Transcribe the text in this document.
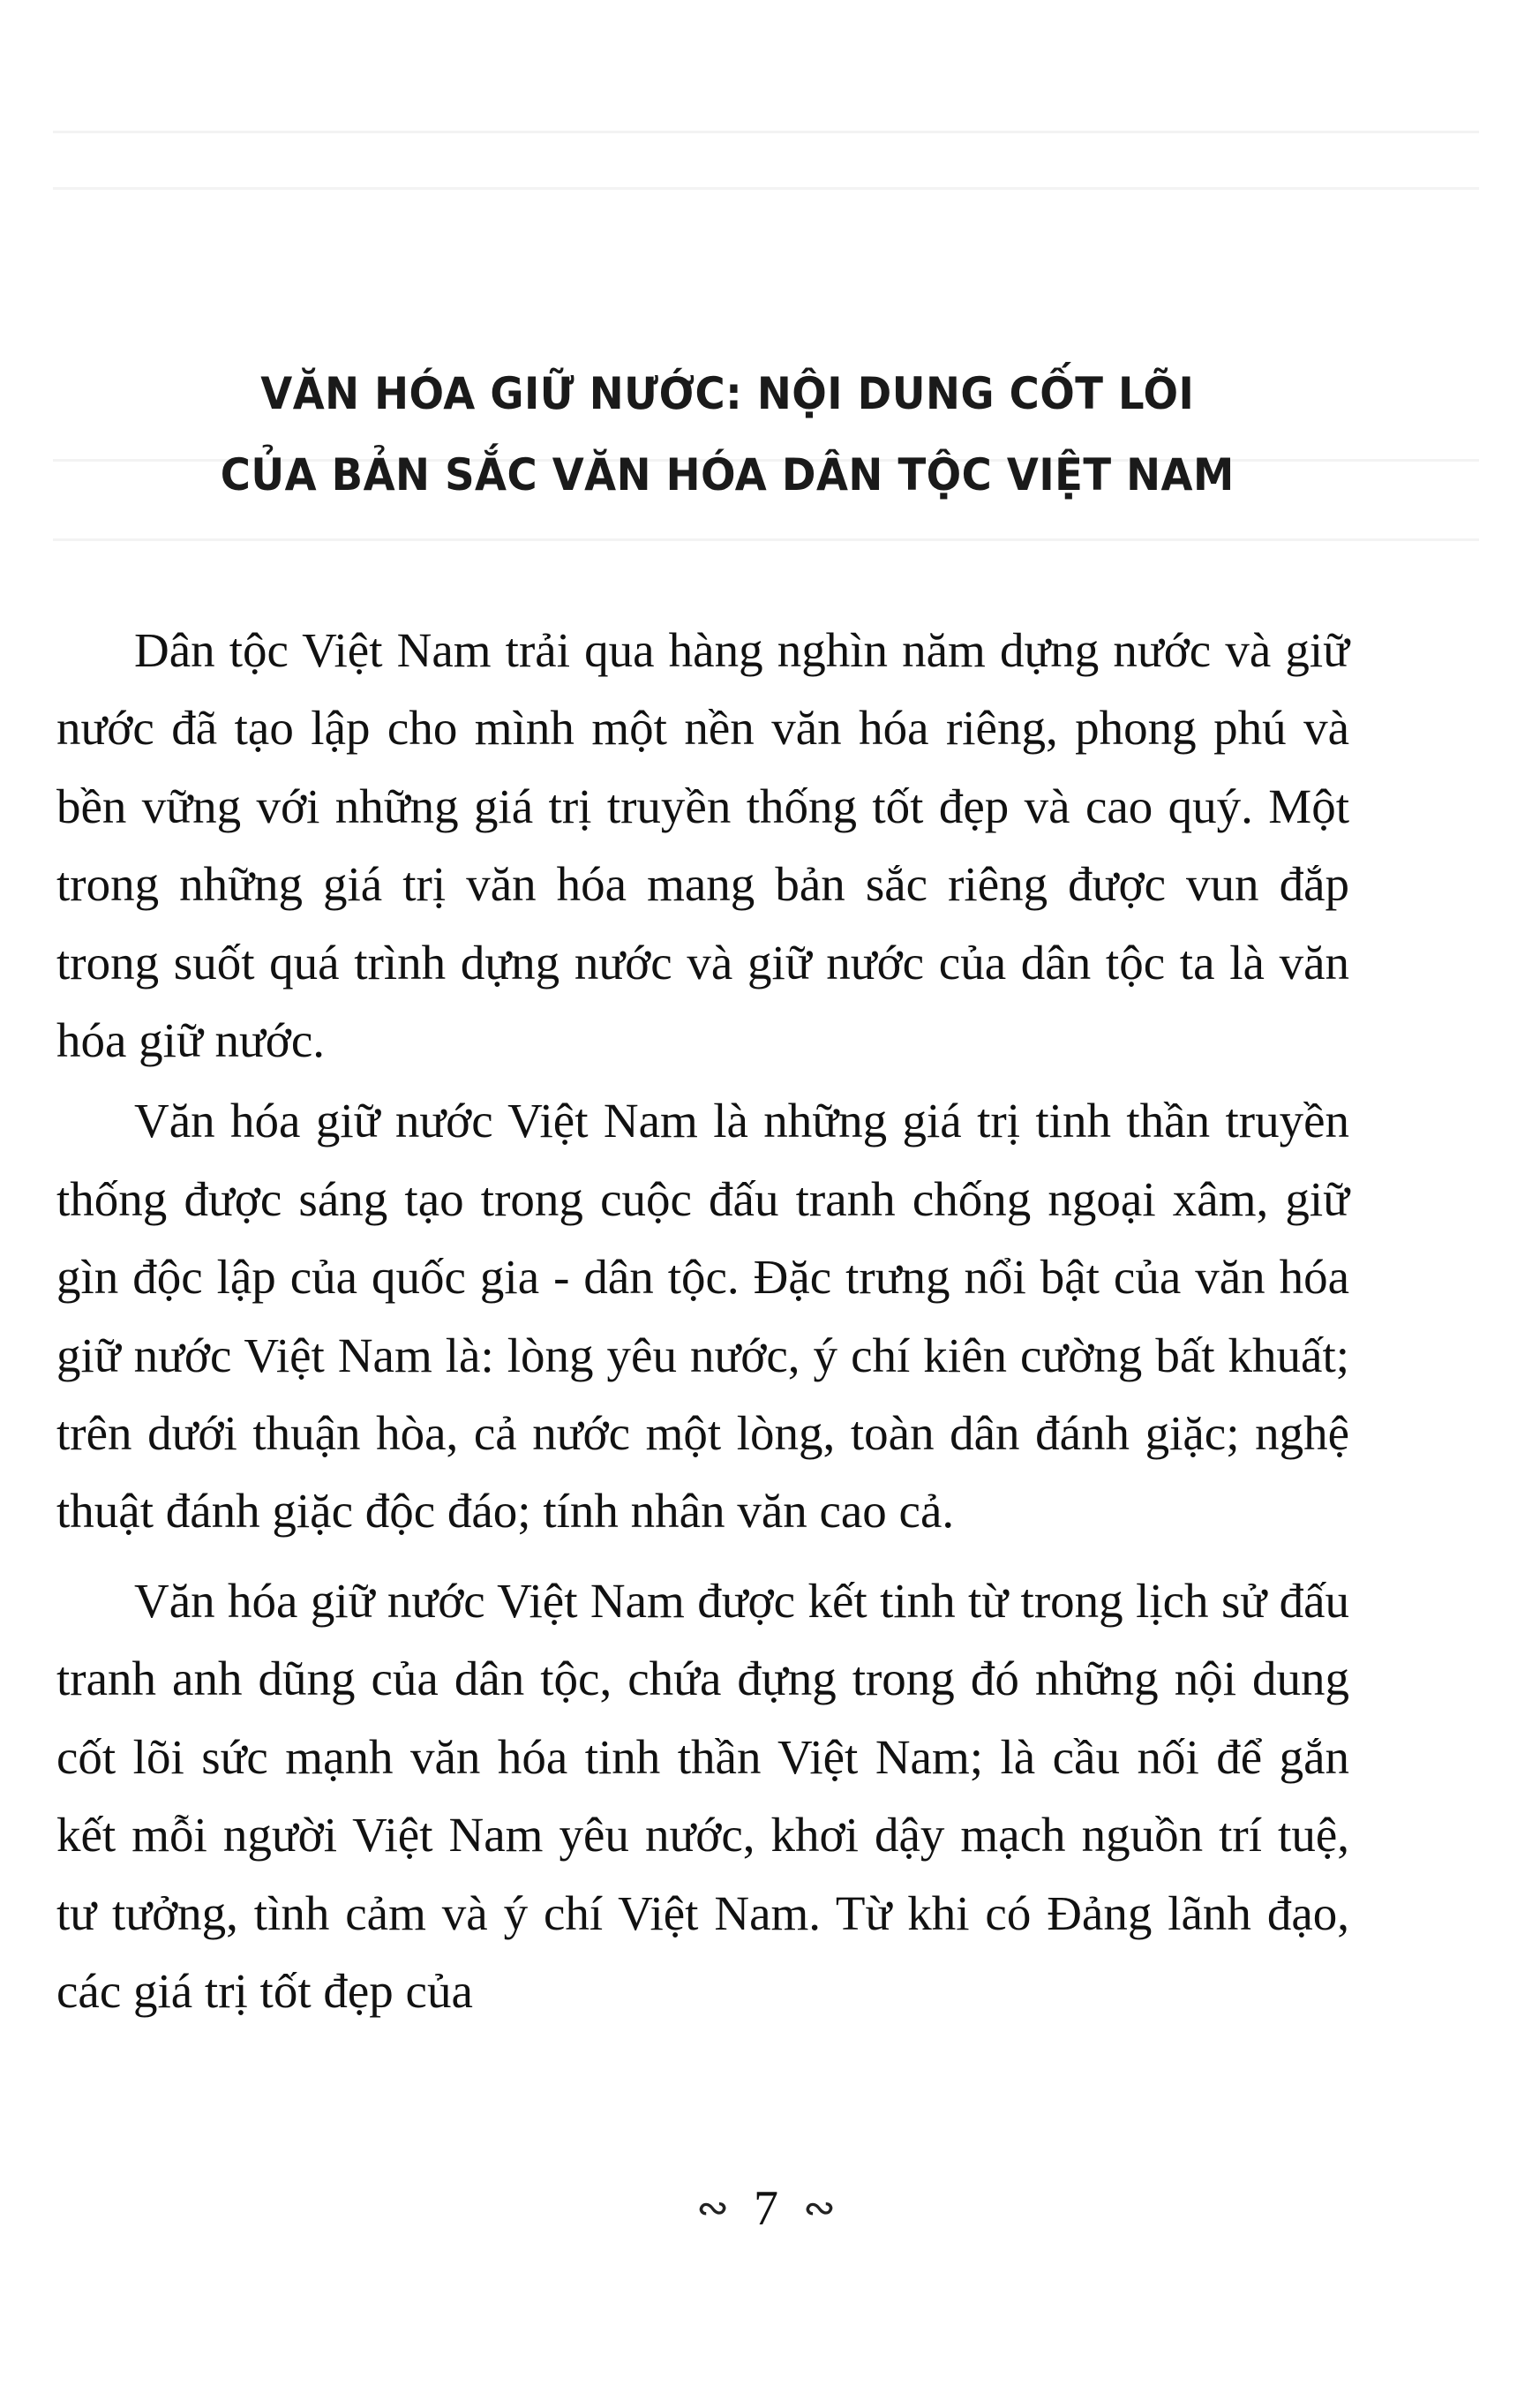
VĂN HÓA GIỮ NƯỚC: NỘI DUNG CỐT LÕI
CỦA BẢN SẮC VĂN HÓA DÂN TỘC VIỆT NAM

Dân tộc Việt Nam trải qua hàng nghìn năm dựng nước và giữ nước đã tạo lập cho mình một nền văn hóa riêng, phong phú và bền vững với những giá trị truyền thống tốt đẹp và cao quý. Một trong những giá trị văn hóa mang bản sắc riêng được vun đắp trong suốt quá trình dựng nước và giữ nước của dân tộc ta là văn hóa giữ nước.

Văn hóa giữ nước Việt Nam là những giá trị tinh thần truyền thống được sáng tạo trong cuộc đấu tranh chống ngoại xâm, giữ gìn độc lập của quốc gia - dân tộc. Đặc trưng nổi bật của văn hóa giữ nước Việt Nam là: lòng yêu nước, ý chí kiên cường bất khuất; trên dưới thuận hòa, cả nước một lòng, toàn dân đánh giặc; nghệ thuật đánh giặc độc đáo; tính nhân văn cao cả.

Văn hóa giữ nước Việt Nam được kết tinh từ trong lịch sử đấu tranh anh dũng của dân tộc, chứa đựng trong đó những nội dung cốt lõi sức mạnh văn hóa tinh thần Việt Nam; là cầu nối để gắn kết mỗi người Việt Nam yêu nước, khơi dậy mạch nguồn trí tuệ, tư tưởng, tình cảm và ý chí Việt Nam. Từ khi có Đảng lãnh đạo, các giá trị tốt đẹp của

∾ 7 ∾
